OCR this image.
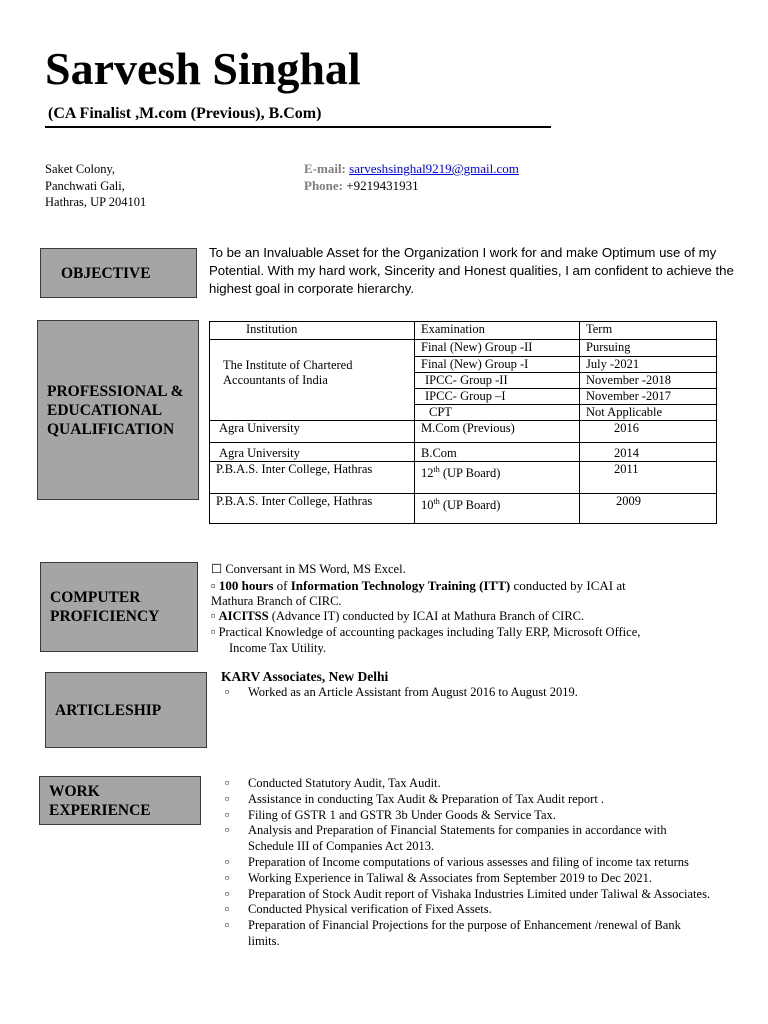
Sarvesh Singhal
(CA Finalist ,M.com (Previous), B.Com)
Saket Colony,
Panchwati Gali,
Hathras, UP 204101
E-mail: sarveshsinghal9219@gmail.com
Phone: +9219431931
OBJECTIVE
To be an Invaluable Asset for the Organization I work for and make Optimum use of my Potential. With my hard work, Sincerity and Honest qualities, I am confident to achieve the highest goal in corporate hierarchy.
PROFESSIONAL & EDUCATIONAL QUALIFICATION
Institution	Examination	Term
The Institute of Chartered Accountants of India	Final (New) Group -II	Pursuing
	Final (New) Group -I	July -2021
	IPCC- Group -II	November -2018
	IPCC- Group –I	November -2017
	CPT	Not Applicable
Agra University	M.Com (Previous)	2016
Agra University	B.Com	2014
P.B.A.S. Inter College, Hathras	12th (UP Board)	2011
P.B.A.S. Inter College, Hathras	10th (UP Board)	2009
COMPUTER PROFICIENCY
☐ Conversant in MS Word, MS Excel.
▫ 100 hours of Information Technology Training (ITT) conducted by ICAI at
Mathura Branch of CIRC.
▫ AICITSS (Advance IT) conducted by ICAI at Mathura Branch of CIRC.
▫ Practical Knowledge of accounting packages including Tally ERP, Microsoft Office,
Income Tax Utility.
ARTICLESHIP
KARV Associates, New Delhi
▫ Worked as an Article Assistant from August 2016 to August 2019.
WORK EXPERIENCE
▫ Conducted Statutory Audit, Tax Audit.
▫ Assistance in conducting Tax Audit & Preparation of Tax Audit report .
▫ Filing of GSTR 1 and GSTR 3b Under Goods & Service Tax.
▫ Analysis and Preparation of Financial Statements for companies in accordance with Schedule III of Companies Act 2013.
▫ Preparation of Income computations of various assesses and filing of income tax returns
▫ Working Experience in Taliwal & Associates from September 2019 to Dec 2021.
▫ Preparation of Stock Audit report of Vishaka Industries Limited under Taliwal & Associates.
▫ Conducted Physical verification of Fixed Assets.
▫ Preparation of Financial Projections for the purpose of Enhancement /renewal of Bank limits.
